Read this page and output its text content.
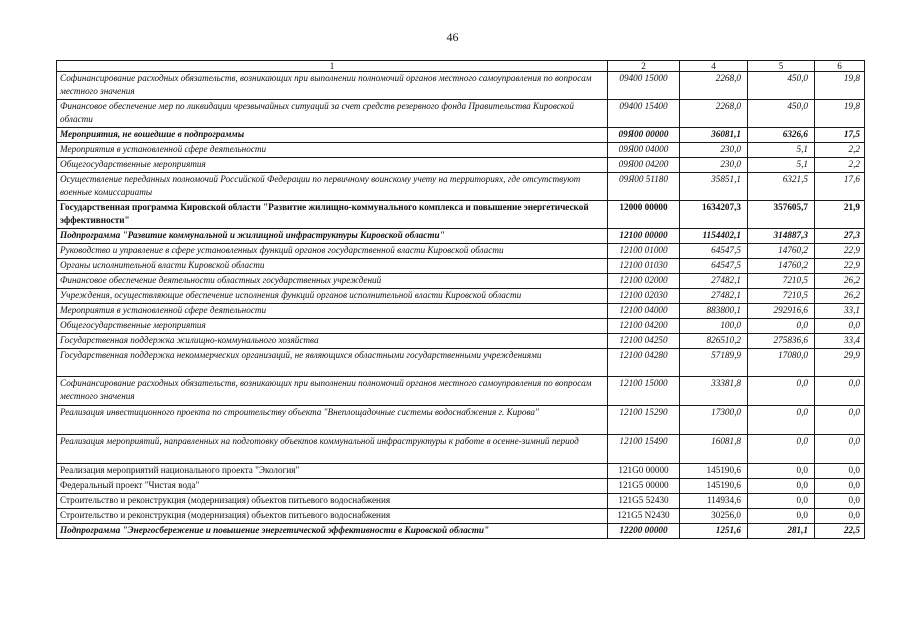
46
1	2	4	5	6
Софинансирование расходных обязательств, возникающих при выполнении полномочий органов местного самоуправления по вопросам местного значения	09400 15000	2268,0	450,0	19,8
Финансовое обеспечение мер по ликвидации чрезвычайных ситуаций за счет средств резервного фонда Правительства Кировской области	09400 15400	2268,0	450,0	19,8
Мероприятия, не вошедшие в подпрограммы	09Я00 00000	36081,1	6326,6	17,5
Мероприятия в установленной сфере деятельности	09Я00 04000	230,0	5,1	2,2
Общегосударственные мероприятия	09Я00 04200	230,0	5,1	2,2
Осуществление переданных полномочий Российской Федерации по первичному воинскому учету на территориях, где отсутствуют военные комиссариаты	09Я00 51180	35851,1	6321,5	17,6
Государственная программа Кировской области "Развитие жилищно-коммунального комплекса и повышение энергетической эффективности"	12000 00000	1634207,3	357605,7	21,9
Подпрограмма "Развитие коммунальной и жилищной инфраструктуры Кировской области"	12100 00000	1154402,1	314887,3	27,3
Руководство и управление в сфере установленных функций органов государственной власти Кировской области	12100 01000	64547,5	14760,2	22,9
Органы исполнительной власти Кировской области	12100 01030	64547,5	14760,2	22,9
Финансовое обеспечение деятельности областных государственных учреждений	12100 02000	27482,1	7210,5	26,2
Учреждения, осуществляющие обеспечение исполнения функций органов исполнительной власти Кировской области	12100 02030	27482,1	7210,5	26,2
Мероприятия в установленной сфере деятельности	12100 04000	883800,1	292916,6	33,1
Общегосударственные мероприятия	12100 04200	100,0	0,0	0,0
Государственная поддержка жилищно-коммунального хозяйства	12100 04250	826510,2	275836,6	33,4
Государственная поддержка некоммерческих организаций, не являющихся областными государственными учреждениями	12100 04280	57189,9	17080,0	29,9
Софинансирование расходных обязательств, возникающих при выполнении полномочий органов местного самоуправления по вопросам местного значения	12100 15000	33381,8	0,0	0,0
Реализация инвестиционного проекта по строительству объекта "Внеплощадочные системы водоснабжения г. Кирова"	12100 15290	17300,0	0,0	0,0
Реализация мероприятий, направленных на подготовку объектов коммунальной инфраструктуры к работе в осенне-зимний период	12100 15490	16081,8	0,0	0,0
Реализация мероприятий национального проекта "Экология"	121G0 00000	145190,6	0,0	0,0
Федеральный проект "Чистая вода"	121G5 00000	145190,6	0,0	0,0
Строительство и реконструкция (модернизация) объектов питьевого водоснабжения	121G5 52430	114934,6	0,0	0,0
Строительство и реконструкция (модернизация) объектов питьевого водоснабжения	121G5 N2430	30256,0	0,0	0,0
Подпрограмма "Энергосбережение и повышение энергетической эффективности в Кировской области"	12200 00000	1251,6	281,1	22,5
